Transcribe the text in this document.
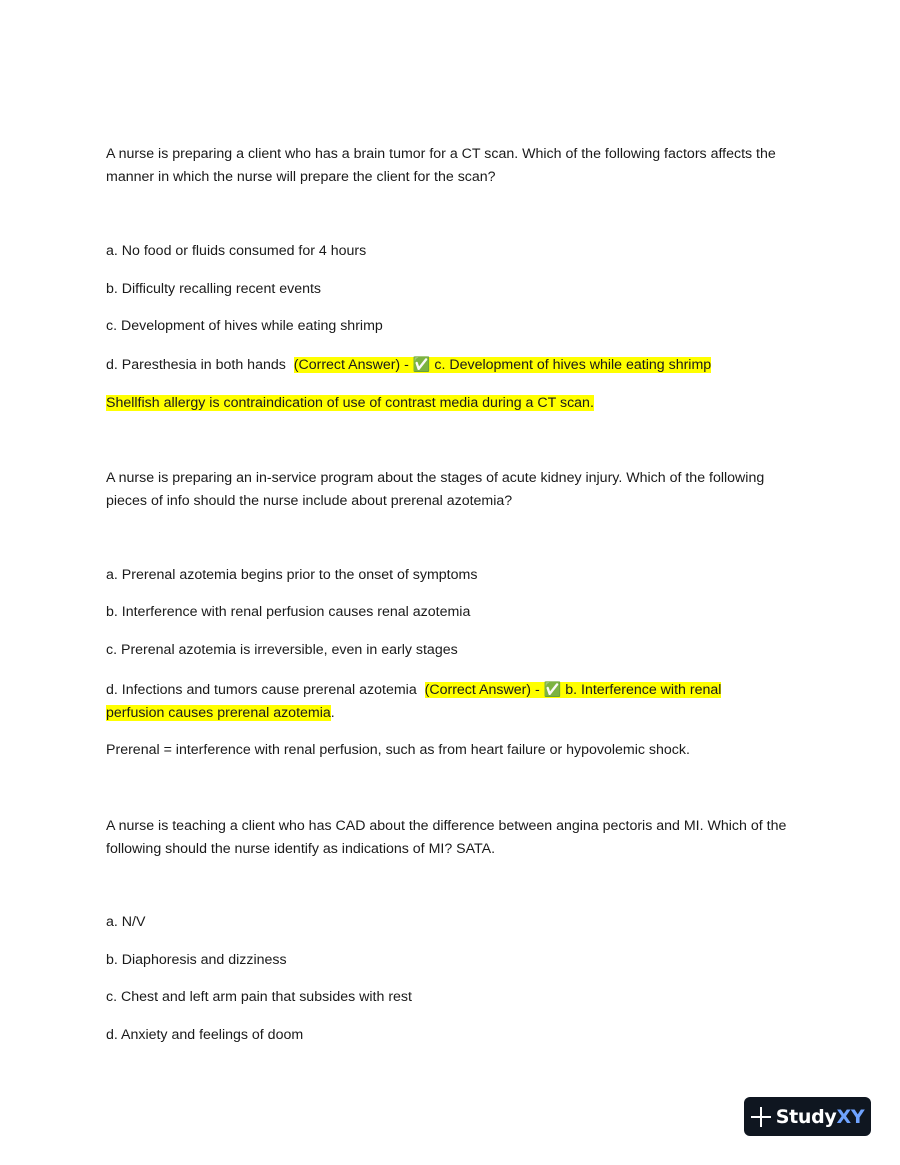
A nurse is preparing a client who has a brain tumor for a CT scan. Which of the following factors affects the manner in which the nurse will prepare the client for the scan?
a. No food or fluids consumed for 4 hours
b. Difficulty recalling recent events
c. Development of hives while eating shrimp
d. Paresthesia in both hands (Correct Answer) - ✅ c. Development of hives while eating shrimp
Shellfish allergy is contraindication of use of contrast media during a CT scan.
A nurse is preparing an in-service program about the stages of acute kidney injury. Which of the following pieces of info should the nurse include about prerenal azotemia?
a. Prerenal azotemia begins prior to the onset of symptoms
b. Interference with renal perfusion causes renal azotemia
c. Prerenal azotemia is irreversible, even in early stages
d. Infections and tumors cause prerenal azotemia (Correct Answer) - ✅ b. Interference with renal perfusion causes prerenal azotemia.
Prerenal = interference with renal perfusion, such as from heart failure or hypovolemic shock.
A nurse is teaching a client who has CAD about the difference between angina pectoris and MI. Which of the following should the nurse identify as indications of MI? SATA.
a. N/V
b. Diaphoresis and dizziness
c. Chest and left arm pain that subsides with rest
d. Anxiety and feelings of doom
StudyXY
